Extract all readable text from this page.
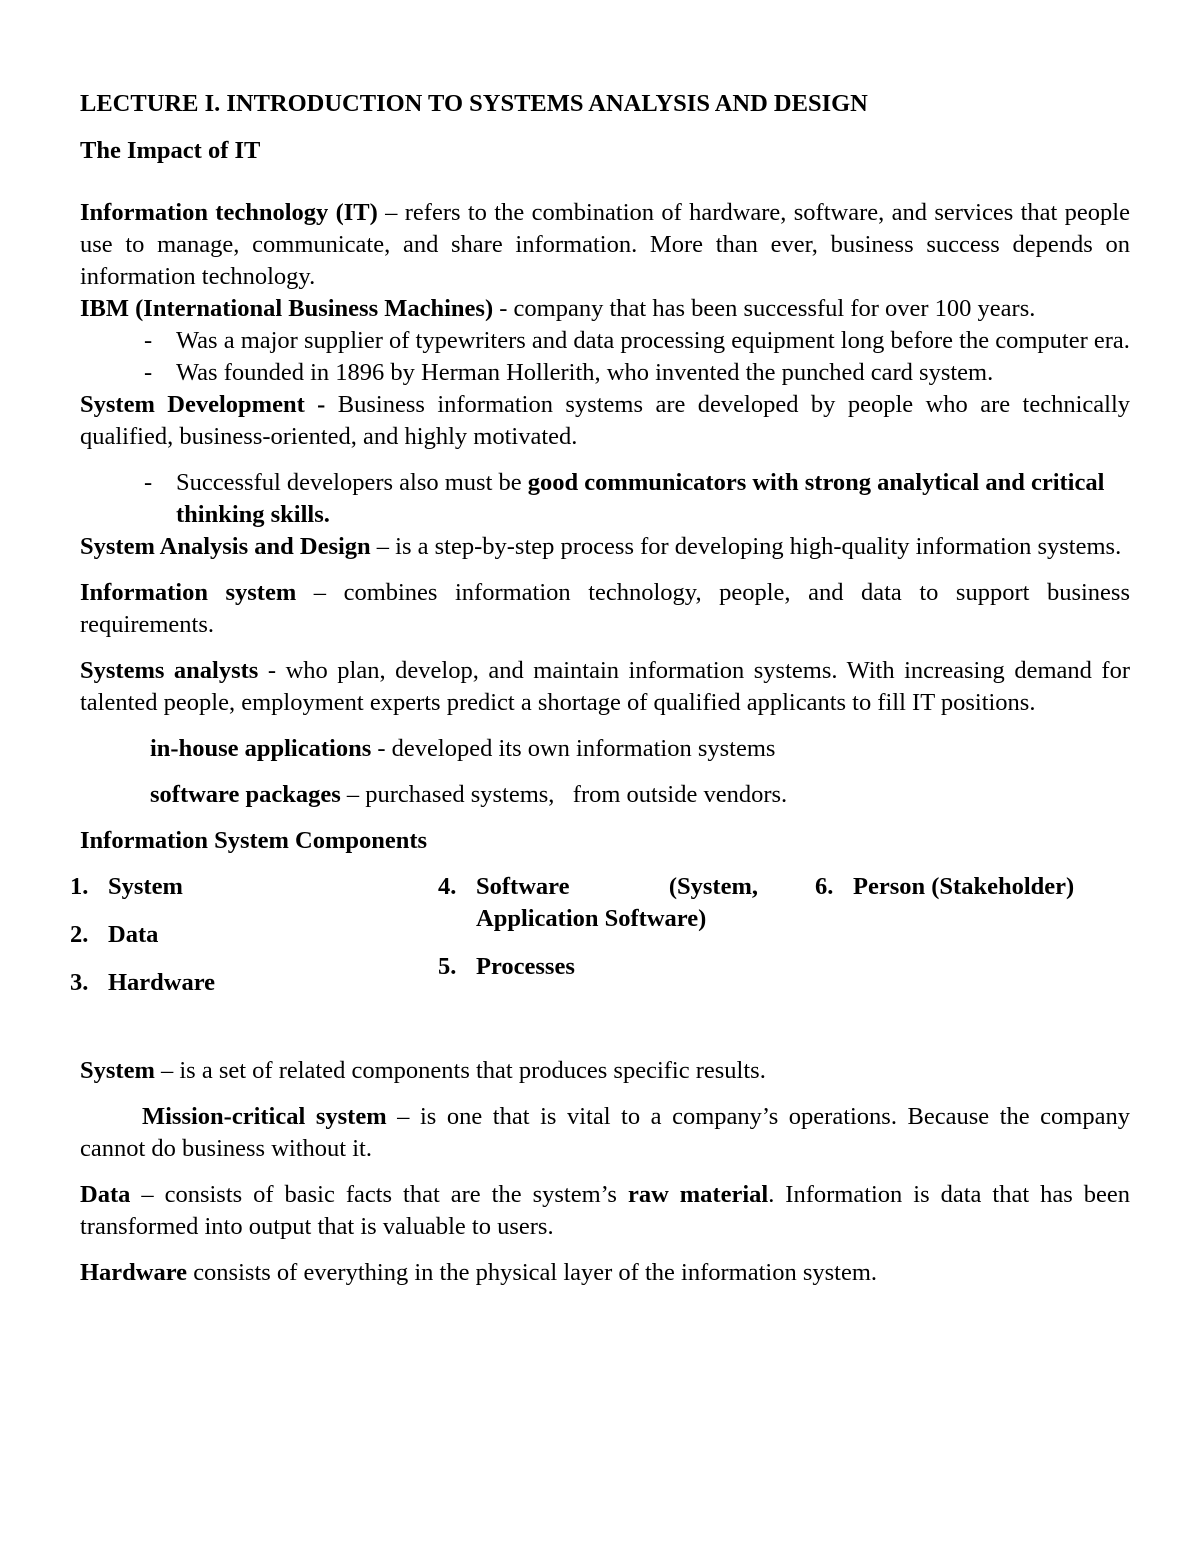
LECTURE I. INTRODUCTION TO SYSTEMS ANALYSIS AND DESIGN

The Impact of IT

Information technology (IT) – refers to the combination of hardware, software, and services that people use to manage, communicate, and share information. More than ever, business success depends on information technology.

IBM (International Business Machines) - company that has been successful for over 100 years.

- Was a major supplier of typewriters and data processing equipment long before the computer era.
- Was founded in 1896 by Herman Hollerith, who invented the punched card system.

System Development - Business information systems are developed by people who are technically qualified, business-oriented, and highly motivated.

- Successful developers also must be good communicators with strong analytical and critical thinking skills.

System Analysis and Design – is a step-by-step process for developing high-quality information systems.

Information system – combines information technology, people, and data to support business requirements.

Systems analysts - who plan, develop, and maintain information systems. With increasing demand for talented people, employment experts predict a shortage of qualified applicants to fill IT positions.

in-house applications - developed its own information systems

software packages – purchased systems,   from outside vendors.

Information System Components

1. System
2. Data
3. Hardware
4. Software	(System,
Application Software)
5. Processes
6. Person (Stakeholder)

System – is a set of related components that produces specific results.

Mission-critical system – is one that is vital to a company’s operations. Because the company cannot do business without it.

Data – consists of basic facts that are the system’s raw material. Information is data that has been transformed into output that is valuable to users.

Hardware consists of everything in the physical layer of the information system.
